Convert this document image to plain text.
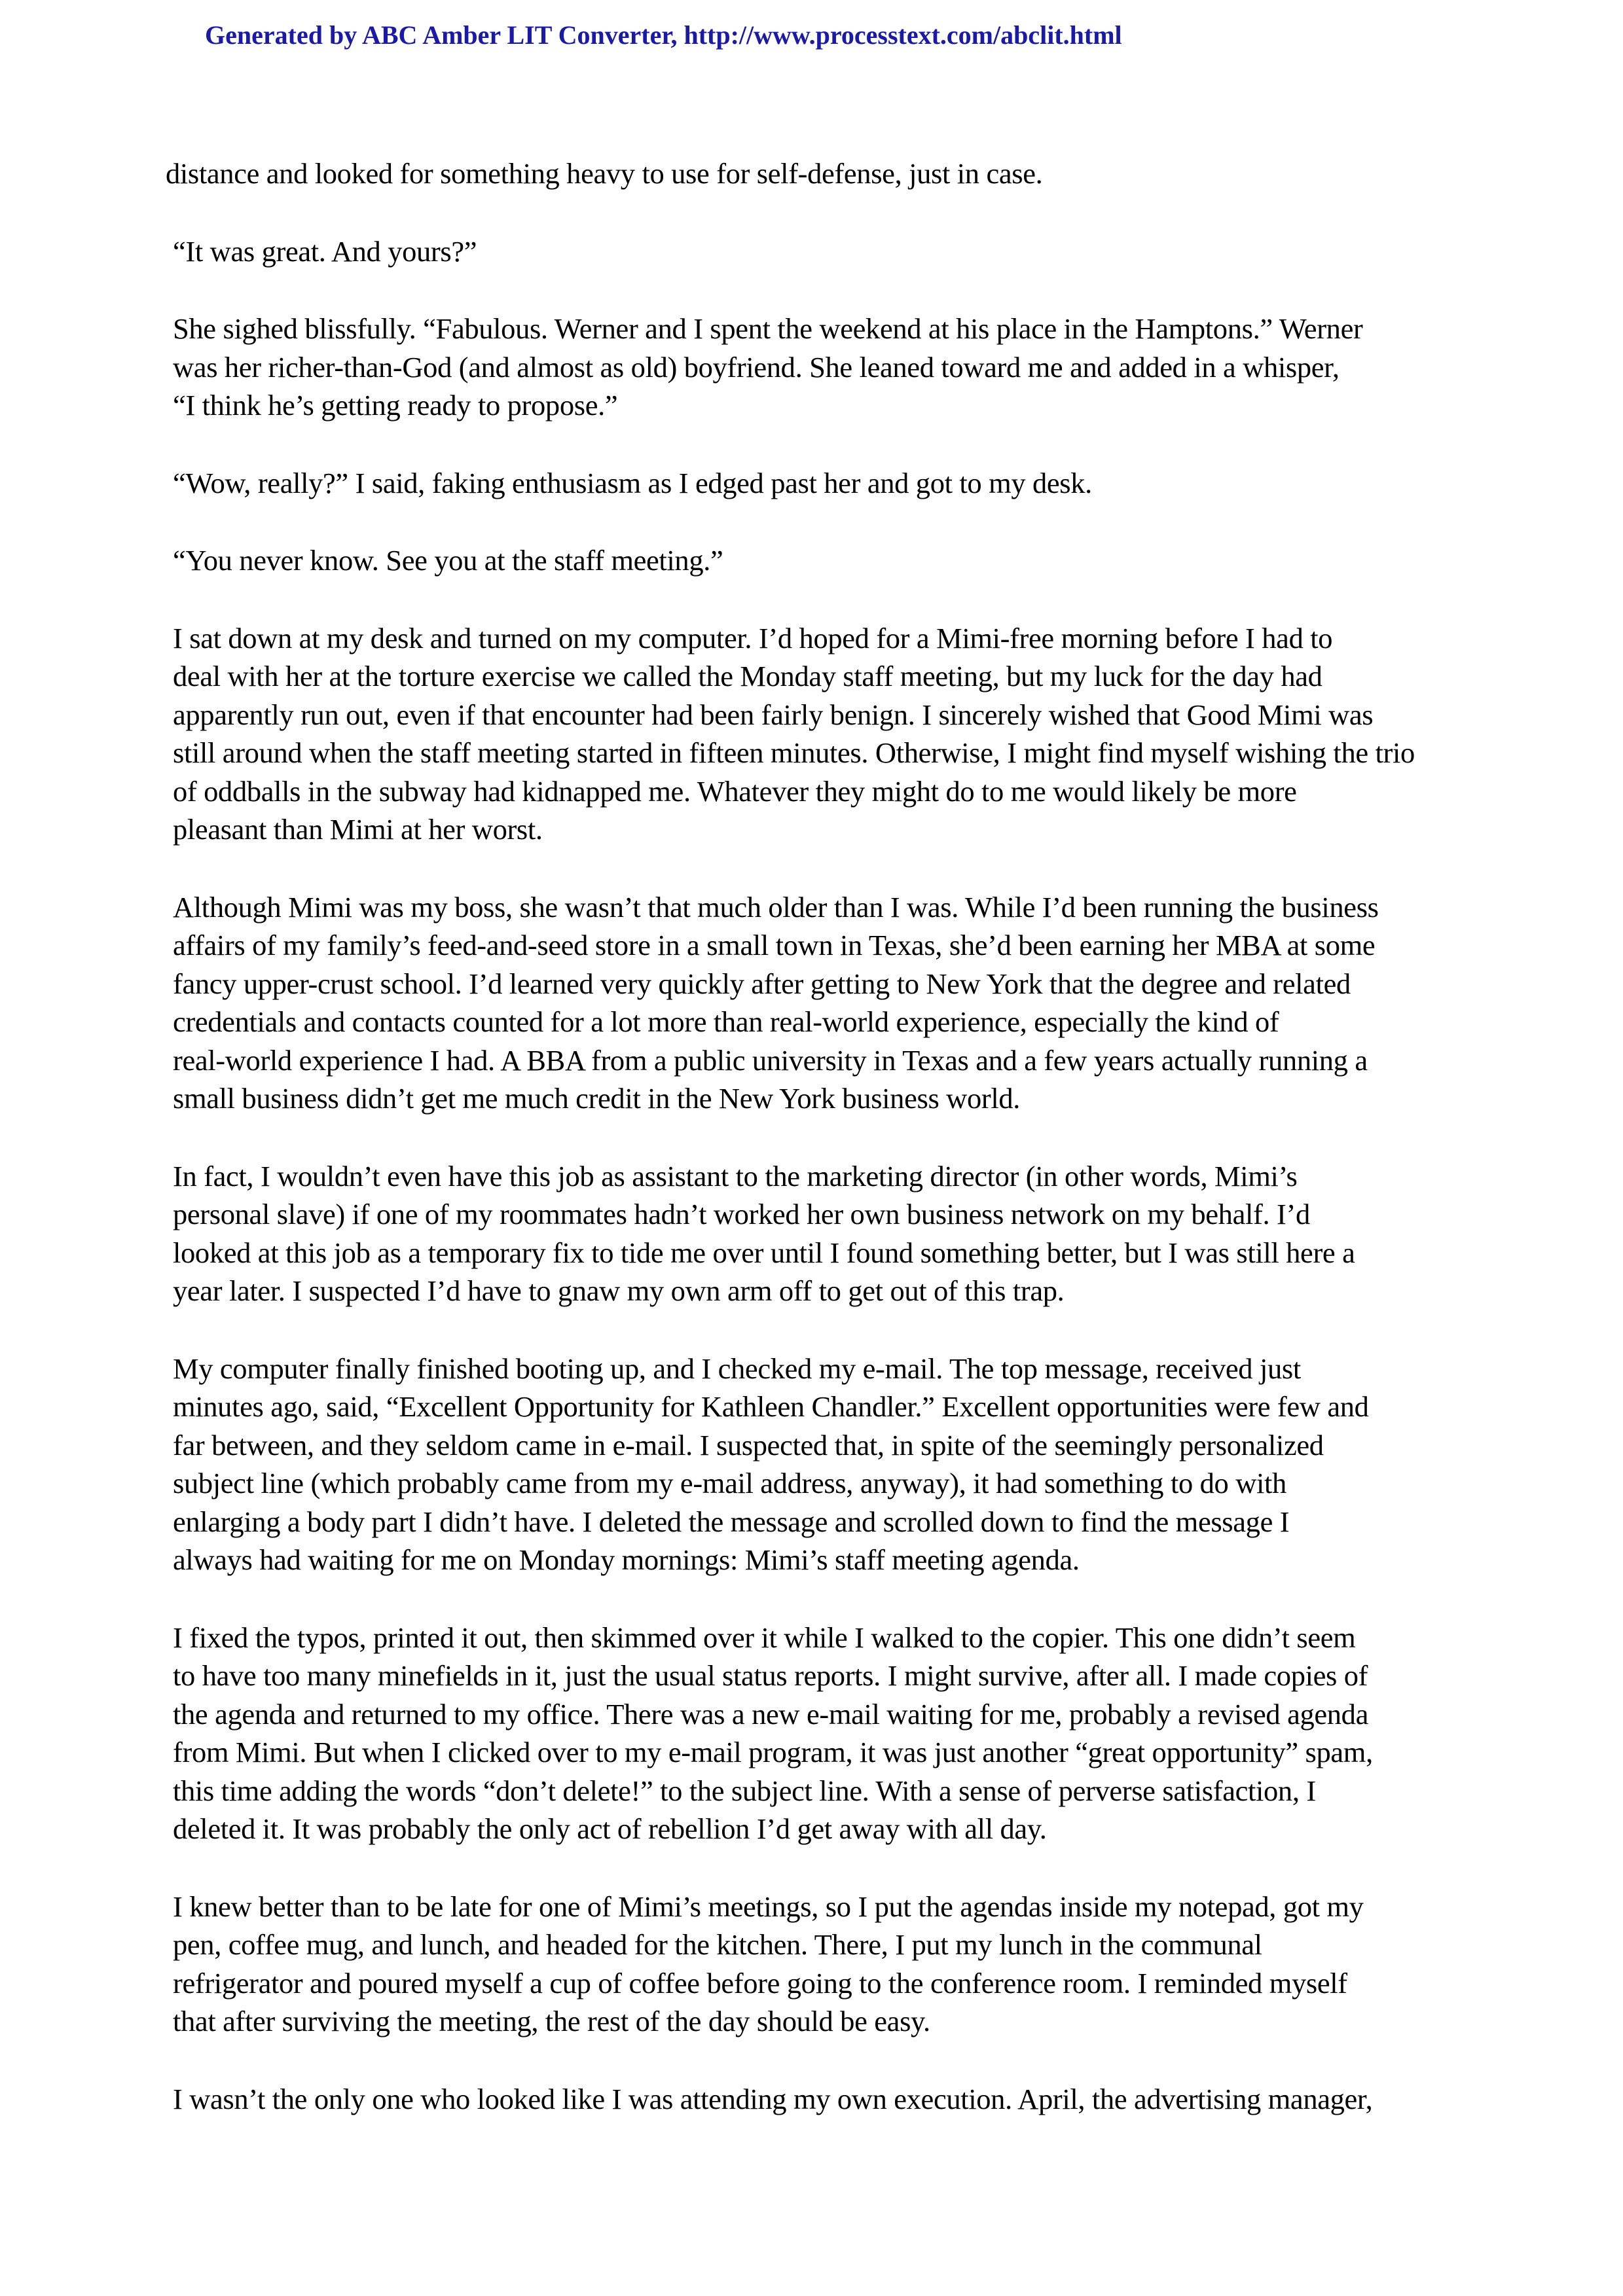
Generated by ABC Amber LIT Converter, http://www.processtext.com/abclit.html
distance and looked for something heavy to use for self-defense, just in case.
“It was great. And yours?”
She sighed blissfully. “Fabulous. Werner and I spent the weekend at his place in the Hamptons.” Werner
was her richer-than-God (and almost as old) boyfriend. She leaned toward me and added in a whisper,
“I think he’s getting ready to propose.”
“Wow, really?” I said, faking enthusiasm as I edged past her and got to my desk.
“You never know. See you at the staff meeting.”
I sat down at my desk and turned on my computer. I’d hoped for a Mimi-free morning before I had to
deal with her at the torture exercise we called the Monday staff meeting, but my luck for the day had
apparently run out, even if that encounter had been fairly benign. I sincerely wished that Good Mimi was
still around when the staff meeting started in fifteen minutes. Otherwise, I might find myself wishing the trio
of oddballs in the subway had kidnapped me. Whatever they might do to me would likely be more
pleasant than Mimi at her worst.
Although Mimi was my boss, she wasn’t that much older than I was. While I’d been running the business
affairs of my family’s feed-and-seed store in a small town in Texas, she’d been earning her MBA at some
fancy upper-crust school. I’d learned very quickly after getting to New York that the degree and related
credentials and contacts counted for a lot more than real-world experience, especially the kind of
real-world experience I had. A BBA from a public university in Texas and a few years actually running a
small business didn’t get me much credit in the New York business world.
In fact, I wouldn’t even have this job as assistant to the marketing director (in other words, Mimi’s
personal slave) if one of my roommates hadn’t worked her own business network on my behalf. I’d
looked at this job as a temporary fix to tide me over until I found something better, but I was still here a
year later. I suspected I’d have to gnaw my own arm off to get out of this trap.
My computer finally finished booting up, and I checked my e-mail. The top message, received just
minutes ago, said, “Excellent Opportunity for Kathleen Chandler.” Excellent opportunities were few and
far between, and they seldom came in e-mail. I suspected that, in spite of the seemingly personalized
subject line (which probably came from my e-mail address, anyway), it had something to do with
enlarging a body part I didn’t have. I deleted the message and scrolled down to find the message I
always had waiting for me on Monday mornings: Mimi’s staff meeting agenda.
I fixed the typos, printed it out, then skimmed over it while I walked to the copier. This one didn’t seem
to have too many minefields in it, just the usual status reports. I might survive, after all. I made copies of
the agenda and returned to my office. There was a new e-mail waiting for me, probably a revised agenda
from Mimi. But when I clicked over to my e-mail program, it was just another “great opportunity” spam,
this time adding the words “don’t delete!” to the subject line. With a sense of perverse satisfaction, I
deleted it. It was probably the only act of rebellion I’d get away with all day.
I knew better than to be late for one of Mimi’s meetings, so I put the agendas inside my notepad, got my
pen, coffee mug, and lunch, and headed for the kitchen. There, I put my lunch in the communal
refrigerator and poured myself a cup of coffee before going to the conference room. I reminded myself
that after surviving the meeting, the rest of the day should be easy.
I wasn’t the only one who looked like I was attending my own execution. April, the advertising manager,
